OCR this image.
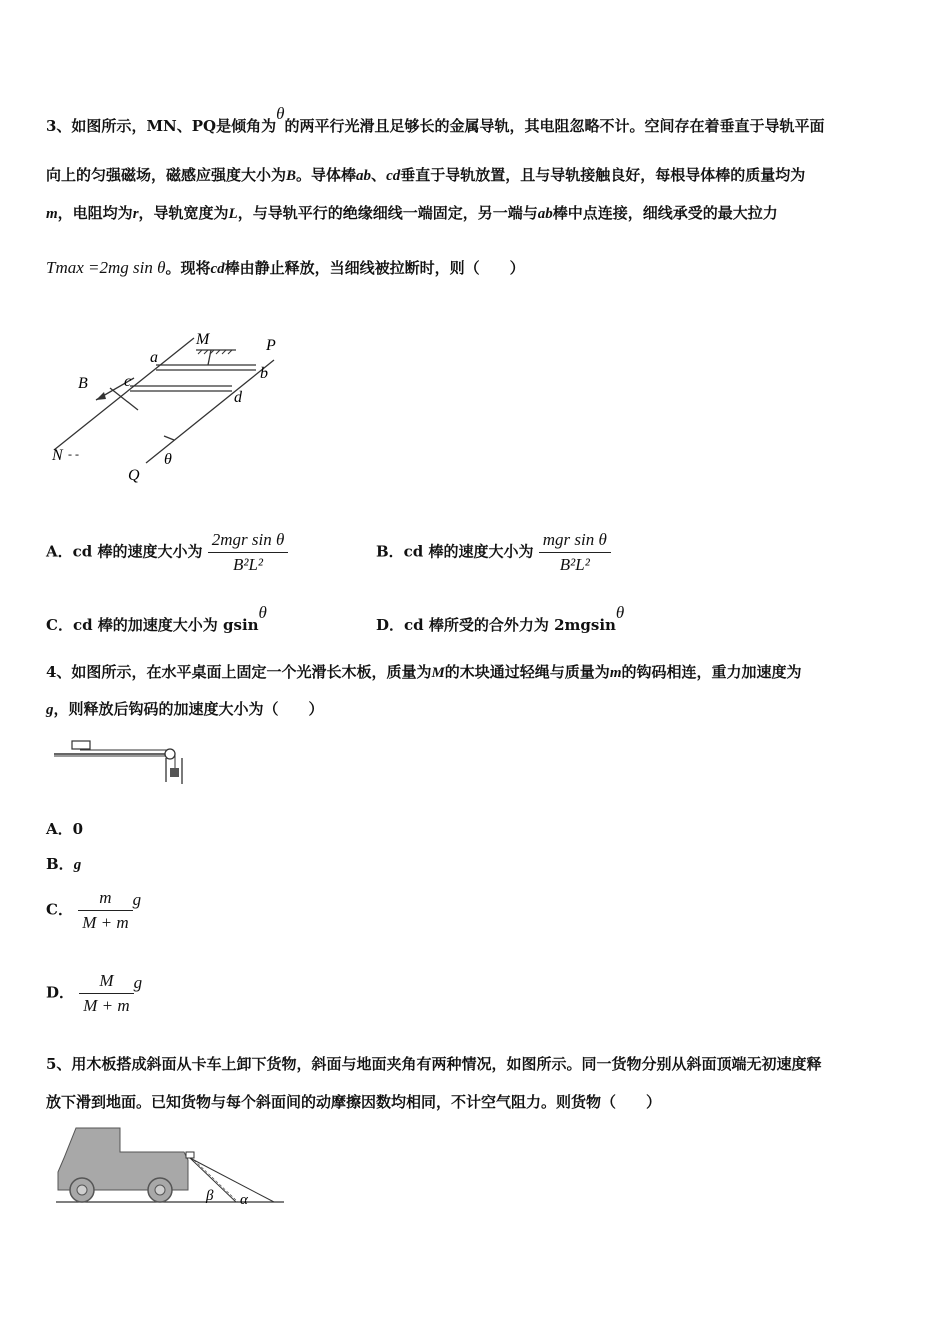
3、如图所示，MN、PQ是倾角为θ的两平行光滑且足够长的金属导轨，其电阻忽略不计。空间存在着垂直于导轨平面
向上的匀强磁场，磁感应强度大小为B。导体棒ab、cd垂直于导轨放置，且与导轨接触良好，每根导体棒的质量均为
m，电阻均为r，导轨宽度为L，与导轨平行的绝缘细线一端固定，另一端与ab棒中点连接，细线承受的最大拉力
Tmax =2mg sin θ。现将cd棒由静止释放，当细线被拉断时，则（　　）
M	P
a
b
B c
d
N
Q
θ
- -
A．cd 棒的速度大小为 $\frac{\text{2mgr sin θ}}{\text{B²L²}}$	B．cd 棒的速度大小为 $\frac{\text{mgr sin θ}}{\text{B²L²}}$
C．cd 棒的加速度大小为 gsinθ
D．cd 棒所受的合外力为 2mgsinθ
4、如图所示，在水平桌面上固定一个光滑长木板，质量为M的木块通过轻绳与质量为m的钩码相连，重力加速度为
g，则释放后钩码的加速度大小为（　　）
A．0
B．g
C． $\frac{m}{M + m}$ g
D． $\frac{M}{M + m}$ g
5、用木板搭成斜面从卡车上卸下货物，斜面与地面夹角有两种情况，如图所示。同一货物分别从斜面顶端无初速度释
放下滑到地面。已知货物与每个斜面间的动摩擦因数均相同，不计空气阻力。则货物（　　）
β α
